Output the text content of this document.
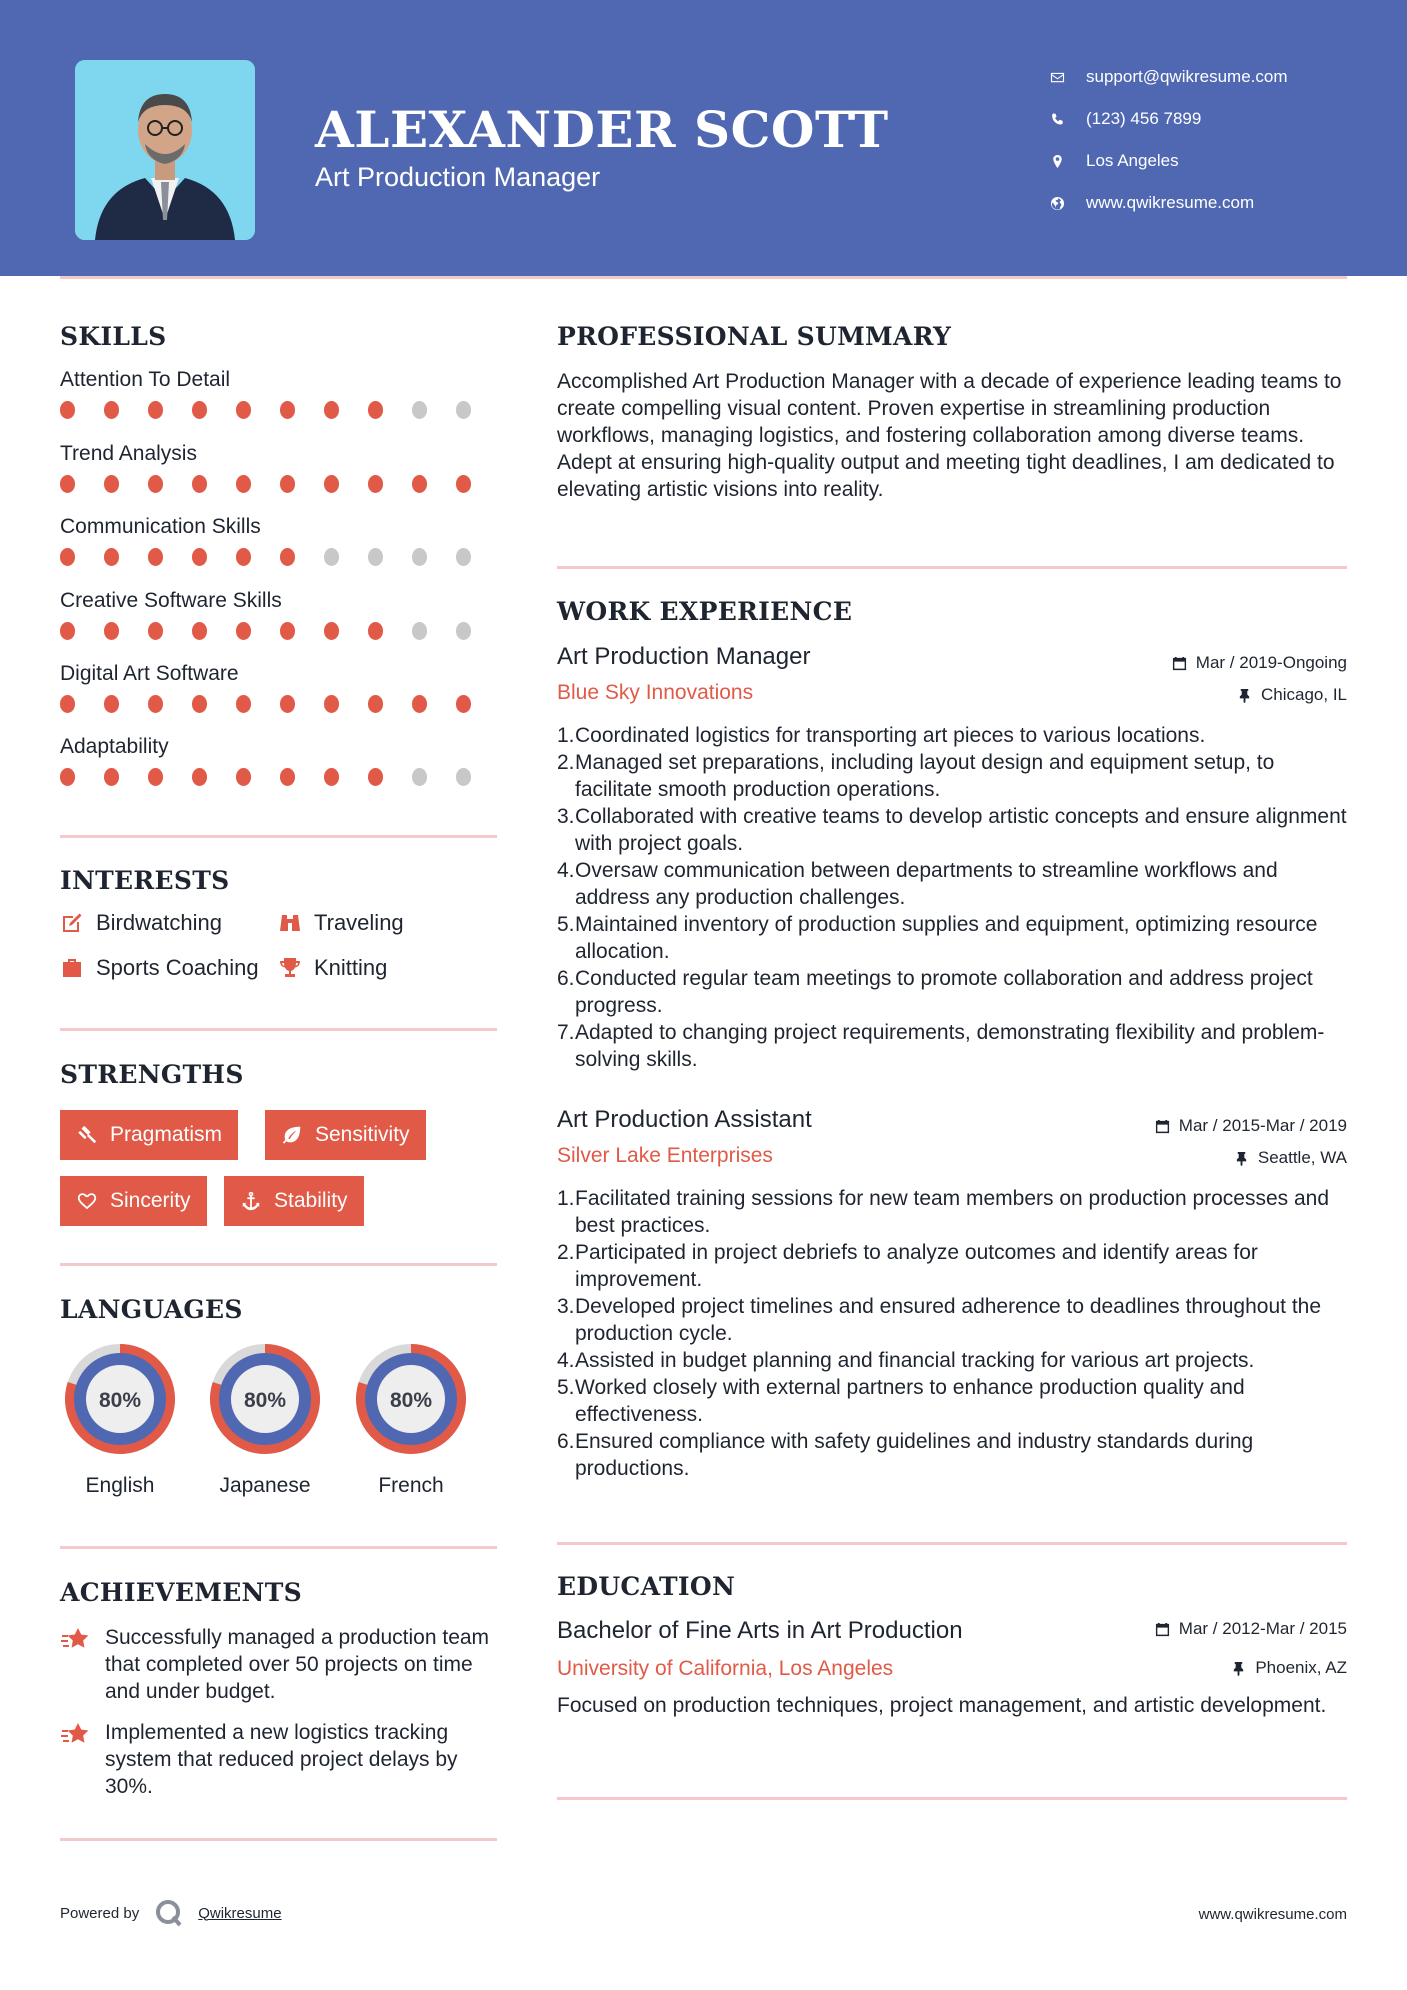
ALEXANDER SCOTT
Art Production Manager
support@qwikresume.com
(123) 456 7899
Los Angeles
www.qwikresume.com
SKILLS
Attention To Detail
Trend Analysis
Communication Skills
Creative Software Skills
Digital Art Software
Adaptability
INTERESTS
Birdwatching	Traveling
Sports Coaching	Knitting
STRENGTHS
Pragmatism	Sensitivity
Sincerity	Stability
LANGUAGES
80%
English
80%
Japanese
80%
French
ACHIEVEMENTS
Successfully managed a production team that completed over 50 projects on time and under budget.
Implemented a new logistics tracking system that reduced project delays by 30%.
PROFESSIONAL SUMMARY
Accomplished Art Production Manager with a decade of experience leading teams to create compelling visual content. Proven expertise in streamlining production workflows, managing logistics, and fostering collaboration among diverse teams. Adept at ensuring high-quality output and meeting tight deadlines, I am dedicated to elevating artistic visions into reality.
WORK EXPERIENCE
Art Production Manager	Mar / 2019-Ongoing
Blue Sky Innovations	Chicago, IL
1. Coordinated logistics for transporting art pieces to various locations.
2. Managed set preparations, including layout design and equipment setup, to facilitate smooth production operations.
3. Collaborated with creative teams to develop artistic concepts and ensure alignment with project goals.
4. Oversaw communication between departments to streamline workflows and address any production challenges.
5. Maintained inventory of production supplies and equipment, optimizing resource allocation.
6. Conducted regular team meetings to promote collaboration and address project progress.
7. Adapted to changing project requirements, demonstrating flexibility and problem-solving skills.
Art Production Assistant	Mar / 2015-Mar / 2019
Silver Lake Enterprises	Seattle, WA
1. Facilitated training sessions for new team members on production processes and best practices.
2. Participated in project debriefs to analyze outcomes and identify areas for improvement.
3. Developed project timelines and ensured adherence to deadlines throughout the production cycle.
4. Assisted in budget planning and financial tracking for various art projects.
5. Worked closely with external partners to enhance production quality and effectiveness.
6. Ensured compliance with safety guidelines and industry standards during productions.
EDUCATION
Bachelor of Fine Arts in Art Production	Mar / 2012-Mar / 2015
University of California, Los Angeles	Phoenix, AZ
Focused on production techniques, project management, and artistic development.
Powered by	Qwikresume	www.qwikresume.com
